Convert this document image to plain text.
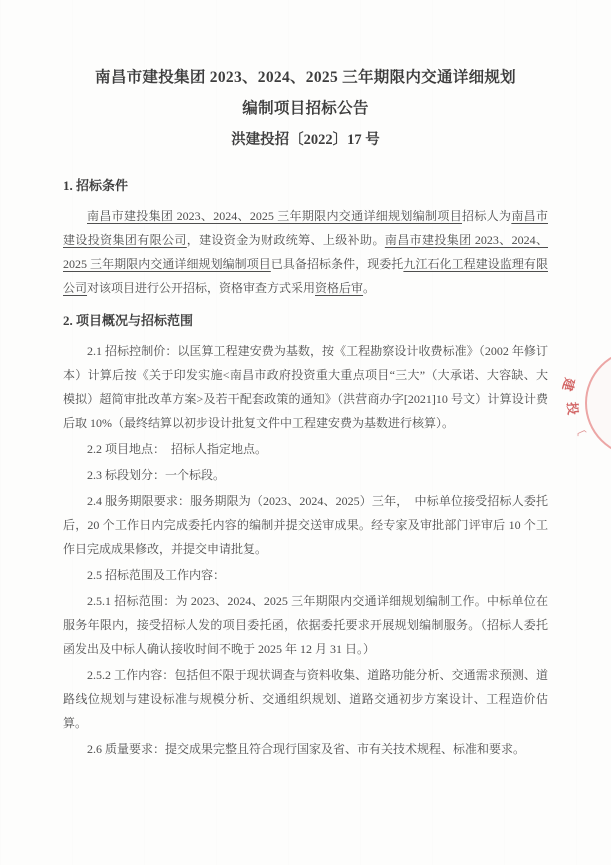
南昌市建投集团 2023、2024、2025 三年期限内交通详细规划
编制项目招标公告
洪建投招〔2022〕17 号
1. 招标条件

南昌市建投集团 2023、2024、2025 三年期限内交通详细规划编制项目招标人为南昌市建设投资集团有限公司，建设资金为财政统筹、上级补助。南昌市建投集团 2023、2024、2025 三年期限内交通详细规划编制项目已具备招标条件，现委托九江石化工程建设监理有限公司对该项目进行公开招标，资格审查方式采用资格后审。

2. 项目概况与招标范围

2.1 招标控制价：以匡算工程建安费为基数，按《工程勘察设计收费标准》（2002 年修订本）计算后按《关于印发实施<南昌市政府投资重大重点项目“三大”（大承诺、大容缺、大模拟）超简审批改革方案>及若干配套政策的通知》（洪营商办字[2021]10 号文）计算设计费后取 10%（最终结算以初步设计批复文件中工程建安费为基数进行核算）。

2.2 项目地点：　招标人指定地点。

2.3 标段划分：一个标段。

2.4 服务期限要求：服务期限为（2023、2024、2025）三年，　中标单位接受招标人委托后，20 个工作日内完成委托内容的编制并提交送审成果。经专家及审批部门评审后 10 个工作日完成成果修改，并提交申请批复。

2.5 招标范围及工作内容：

2.5.1 招标范围：为 2023、2024、2025 三年期限内交通详细规划编制工作。中标单位在服务年限内，接受招标人发的项目委托函，依据委托要求开展规划编制服务。（招标人委托函发出及中标人确认接收时间不晚于 2025 年 12 月 31 日。）

2.5.2 工作内容：包括但不限于现状调查与资料收集、道路功能分析、交通需求预测、道路线位规划与建设标准与规模分析、交通组织规划、道路交通初步方案设计、工程造价估算。

2.6 质量要求：提交成果完整且符合现行国家及省、市有关技术规程、标准和要求。

建
投
〔
